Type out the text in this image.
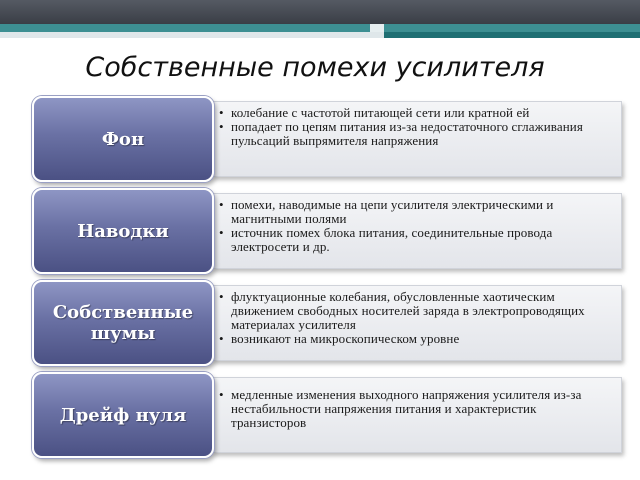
Собственные помехи усилителя
• колебание с частотой питающей сети или кратной ей
• попадает по цепям питания из-за недостаточного сглаживания пульсаций выпрямителя напряжения
Фон
• помехи, наводимые на цепи усилителя электрическими и магнитными полями
• источник помех блока питания, соединительные провода электросети и др.
Наводки
• флуктуационные колебания, обусловленные хаотическим движением свободных носителей заряда в электропроводящих материалах усилителя
• возникают на микроскопическом уровне
Собственные шумы
• медленные изменения выходного напряжения усилителя из-за нестабильности напряжения питания и характеристик транзисторов
Дрейф нуля
